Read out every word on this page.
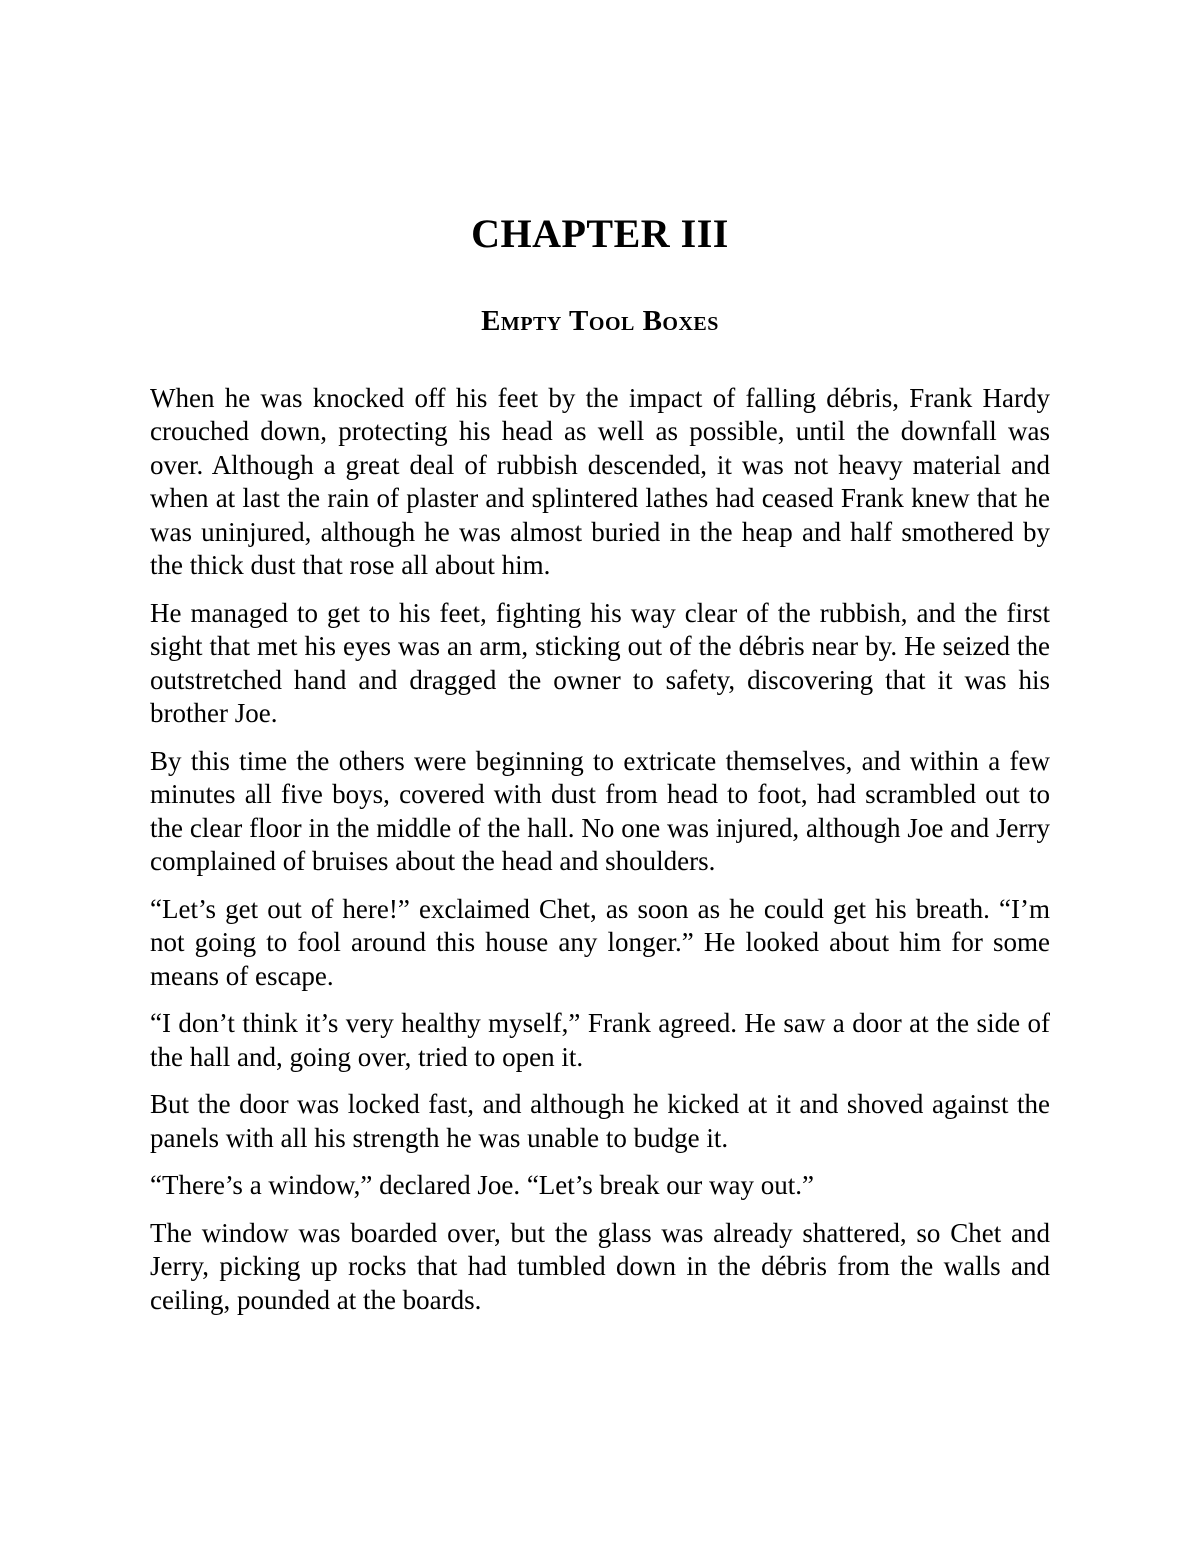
CHAPTER III
Empty Tool Boxes

When he was knocked off his feet by the impact of falling débris, Frank Hardy crouched down, protecting his head as well as possible, until the downfall was over. Although a great deal of rubbish descended, it was not heavy material and when at last the rain of plaster and splintered lathes had ceased Frank knew that he was uninjured, although he was almost buried in the heap and half smothered by the thick dust that rose all about him.

He managed to get to his feet, fighting his way clear of the rubbish, and the first sight that met his eyes was an arm, sticking out of the débris near by. He seized the outstretched hand and dragged the owner to safety, discovering that it was his brother Joe.

By this time the others were beginning to extricate themselves, and within a few minutes all five boys, covered with dust from head to foot, had scrambled out to the clear floor in the middle of the hall. No one was injured, although Joe and Jerry complained of bruises about the head and shoulders.

“Let’s get out of here!” exclaimed Chet, as soon as he could get his breath. “I’m not going to fool around this house any longer.” He looked about him for some means of escape.

“I don’t think it’s very healthy myself,” Frank agreed. He saw a door at the side of the hall and, going over, tried to open it.

But the door was locked fast, and although he kicked at it and shoved against the panels with all his strength he was unable to budge it.

“There’s a window,” declared Joe. “Let’s break our way out.”

The window was boarded over, but the glass was already shattered, so Chet and Jerry, picking up rocks that had tumbled down in the débris from the walls and ceiling, pounded at the boards.
